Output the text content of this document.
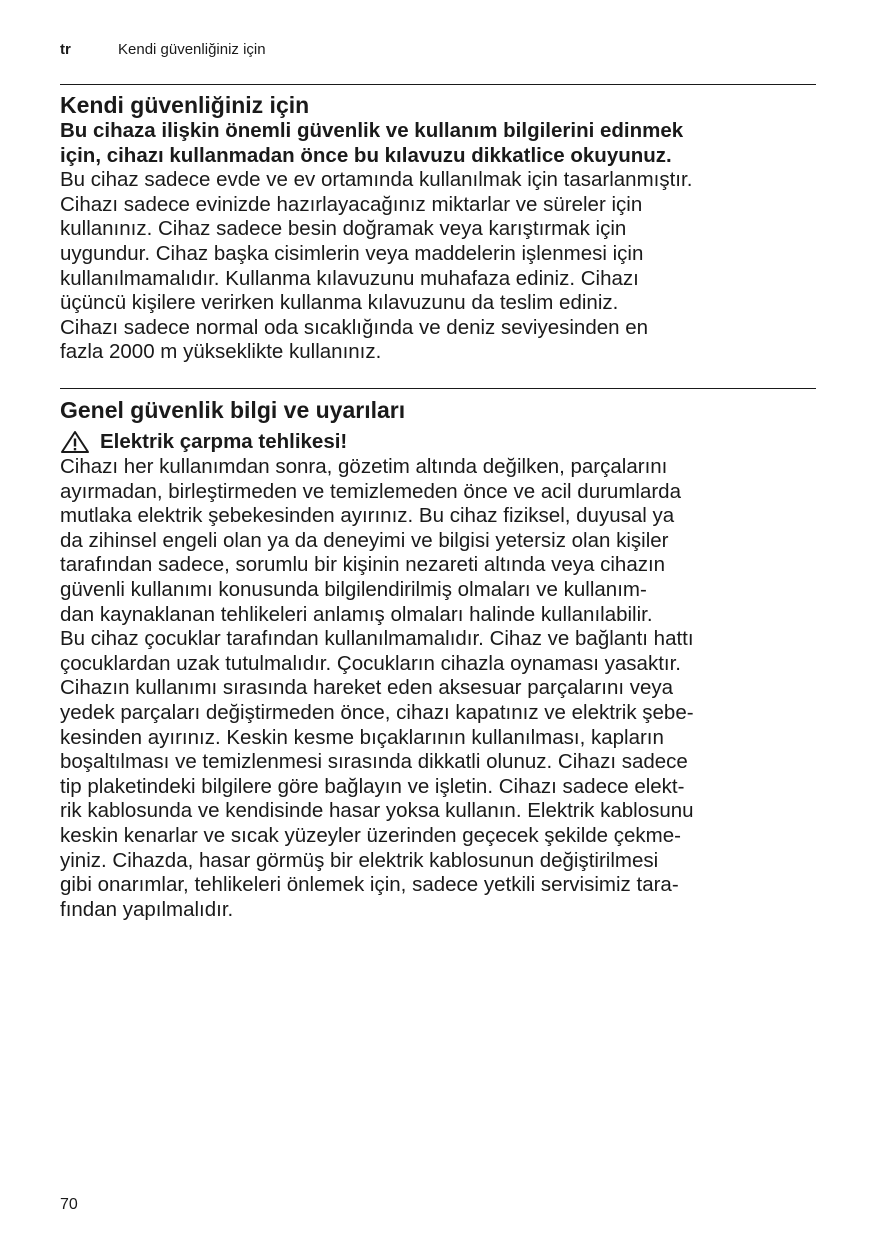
tr	Kendi güvenliğiniz için
Kendi güvenliğiniz için

Bu cihaza ilişkin önemli güvenlik ve kullanım bilgilerini edinmek
için, cihazı kullanmadan önce bu kılavuzu dikkatlice okuyunuz.

Bu cihaz sadece evde ve ev ortamında kullanılmak için tasarlanmıştır.
Cihazı sadece evinizde hazırlayacağınız miktarlar ve süreler için
kullanınız. Cihaz sadece besin doğramak veya karıştırmak için
uygundur. Cihaz başka cisimlerin veya maddelerin işlenmesi için
kullanılmamalıdır. Kullanma kılavuzunu muhafaza ediniz. Cihazı
üçüncü kişilere verirken kullanma kılavuzunu da teslim ediniz.
Cihazı sadece normal oda sıcaklığında ve deniz seviyesinden en
fazla 2000 m yükseklikte kullanınız.

Genel güvenlik bilgi ve uyarıları
Elektrik çarpma tehlikesi!

Cihazı her kullanımdan sonra, gözetim altında değilken, parçalarını
ayırmadan, birleştirmeden ve temizlemeden önce ve acil durumlarda
mutlaka elektrik şebekesinden ayırınız. Bu cihaz fiziksel, duyusal ya
da zihinsel engeli olan ya da deneyimi ve bilgisi yetersiz olan kişiler
tarafından sadece, sorumlu bir kişinin nezareti altında veya cihazın
güvenli kullanımı konusunda bilgilendirilmiş olmaları ve kullanım-
dan kaynaklanan tehlikeleri anlamış olmaları halinde kullanılabilir.
Bu cihaz çocuklar tarafından kullanılmamalıdır. Cihaz ve bağlantı hattı
çocuklardan uzak tutulmalıdır. Çocukların cihazla oynaması yasaktır.
Cihazın kullanımı sırasında hareket eden aksesuar parçalarını veya
yedek parçaları değiştirmeden önce, cihazı kapatınız ve elektrik şebe-
kesinden ayırınız. Keskin kesme bıçaklarının kullanılması, kapların
boşaltılması ve temizlenmesi sırasında dikkatli olunuz. Cihazı sadece
tip plaketindeki bilgilere göre bağlayın ve işletin. Cihazı sadece elekt-
rik kablosunda ve kendisinde hasar yoksa kullanın. Elektrik kablosunu
keskin kenarlar ve sıcak yüzeyler üzerinden geçecek şekilde çekme-
yiniz. Cihazda, hasar görmüş bir elektrik kablosunun değiştirilmesi
gibi onarımlar, tehlikeleri önlemek için, sadece yetkili servisimiz tara-
fından yapılmalıdır.

70
